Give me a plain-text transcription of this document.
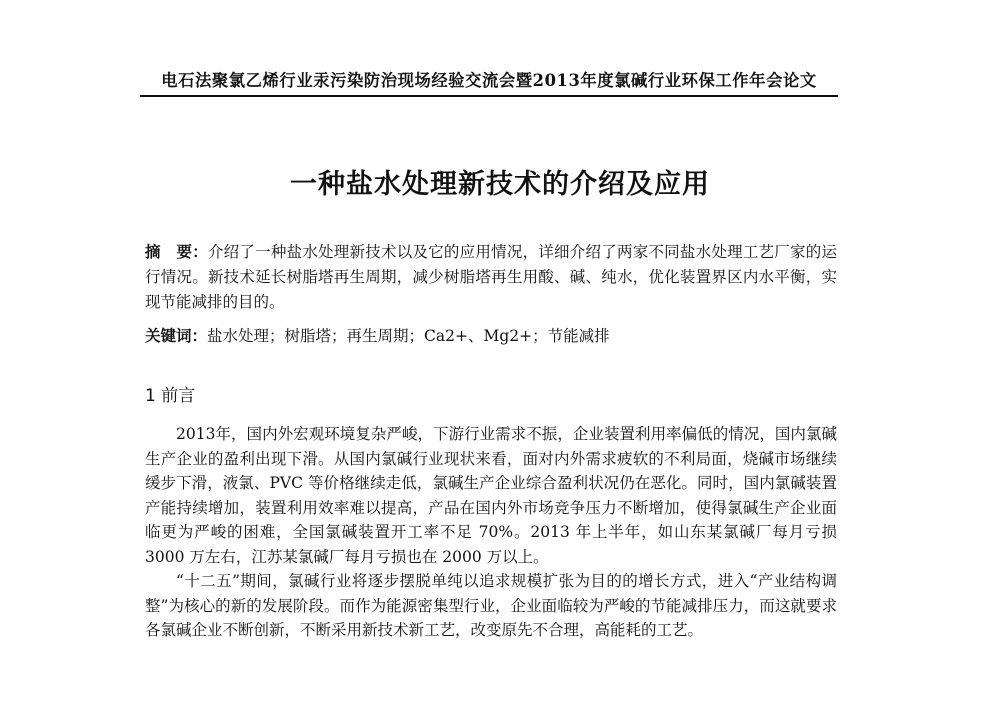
电石法聚氯乙烯行业汞污染防治现场经验交流会暨2013年度氯碱行业环保工作年会论文
一种盐水处理新技术的介绍及应用
摘　要：介绍了一种盐水处理新技术以及它的应用情况，详细介绍了两家不同盐水处理工艺厂家的运行情况。新技术延长树脂塔再生周期，减少树脂塔再生用酸、碱、纯水，优化装置界区内水平衡，实现节能减排的目的。
关键词：盐水处理；树脂塔；再生周期；Ca2+、Mg2+；节能减排
1 前言

2013年，国内外宏观环境复杂严峻，下游行业需求不振，企业装置利用率偏低的情况，国内氯碱生产企业的盈利出现下滑。从国内氯碱行业现状来看，面对内外需求疲软的不利局面，烧碱市场继续缓步下滑，液氯、PVC 等价格继续走低，氯碱生产企业综合盈利状况仍在恶化。同时，国内氯碱装置产能持续增加，装置利用效率难以提高，产品在国内外市场竞争压力不断增加，使得氯碱生产企业面临更为严峻的困难，全国氯碱装置开工率不足 70%。2013 年上半年，如山东某氯碱厂每月亏损 3000 万左右，江苏某氯碱厂每月亏损也在 2000 万以上。

“十二五”期间，氯碱行业将逐步摆脱单纯以追求规模扩张为目的的增长方式，进入“产业结构调整”为核心的新的发展阶段。而作为能源密集型行业，企业面临较为严峻的节能减排压力，而这就要求各氯碱企业不断创新，不断采用新技术新工艺，改变原先不合理，高能耗的工艺。
